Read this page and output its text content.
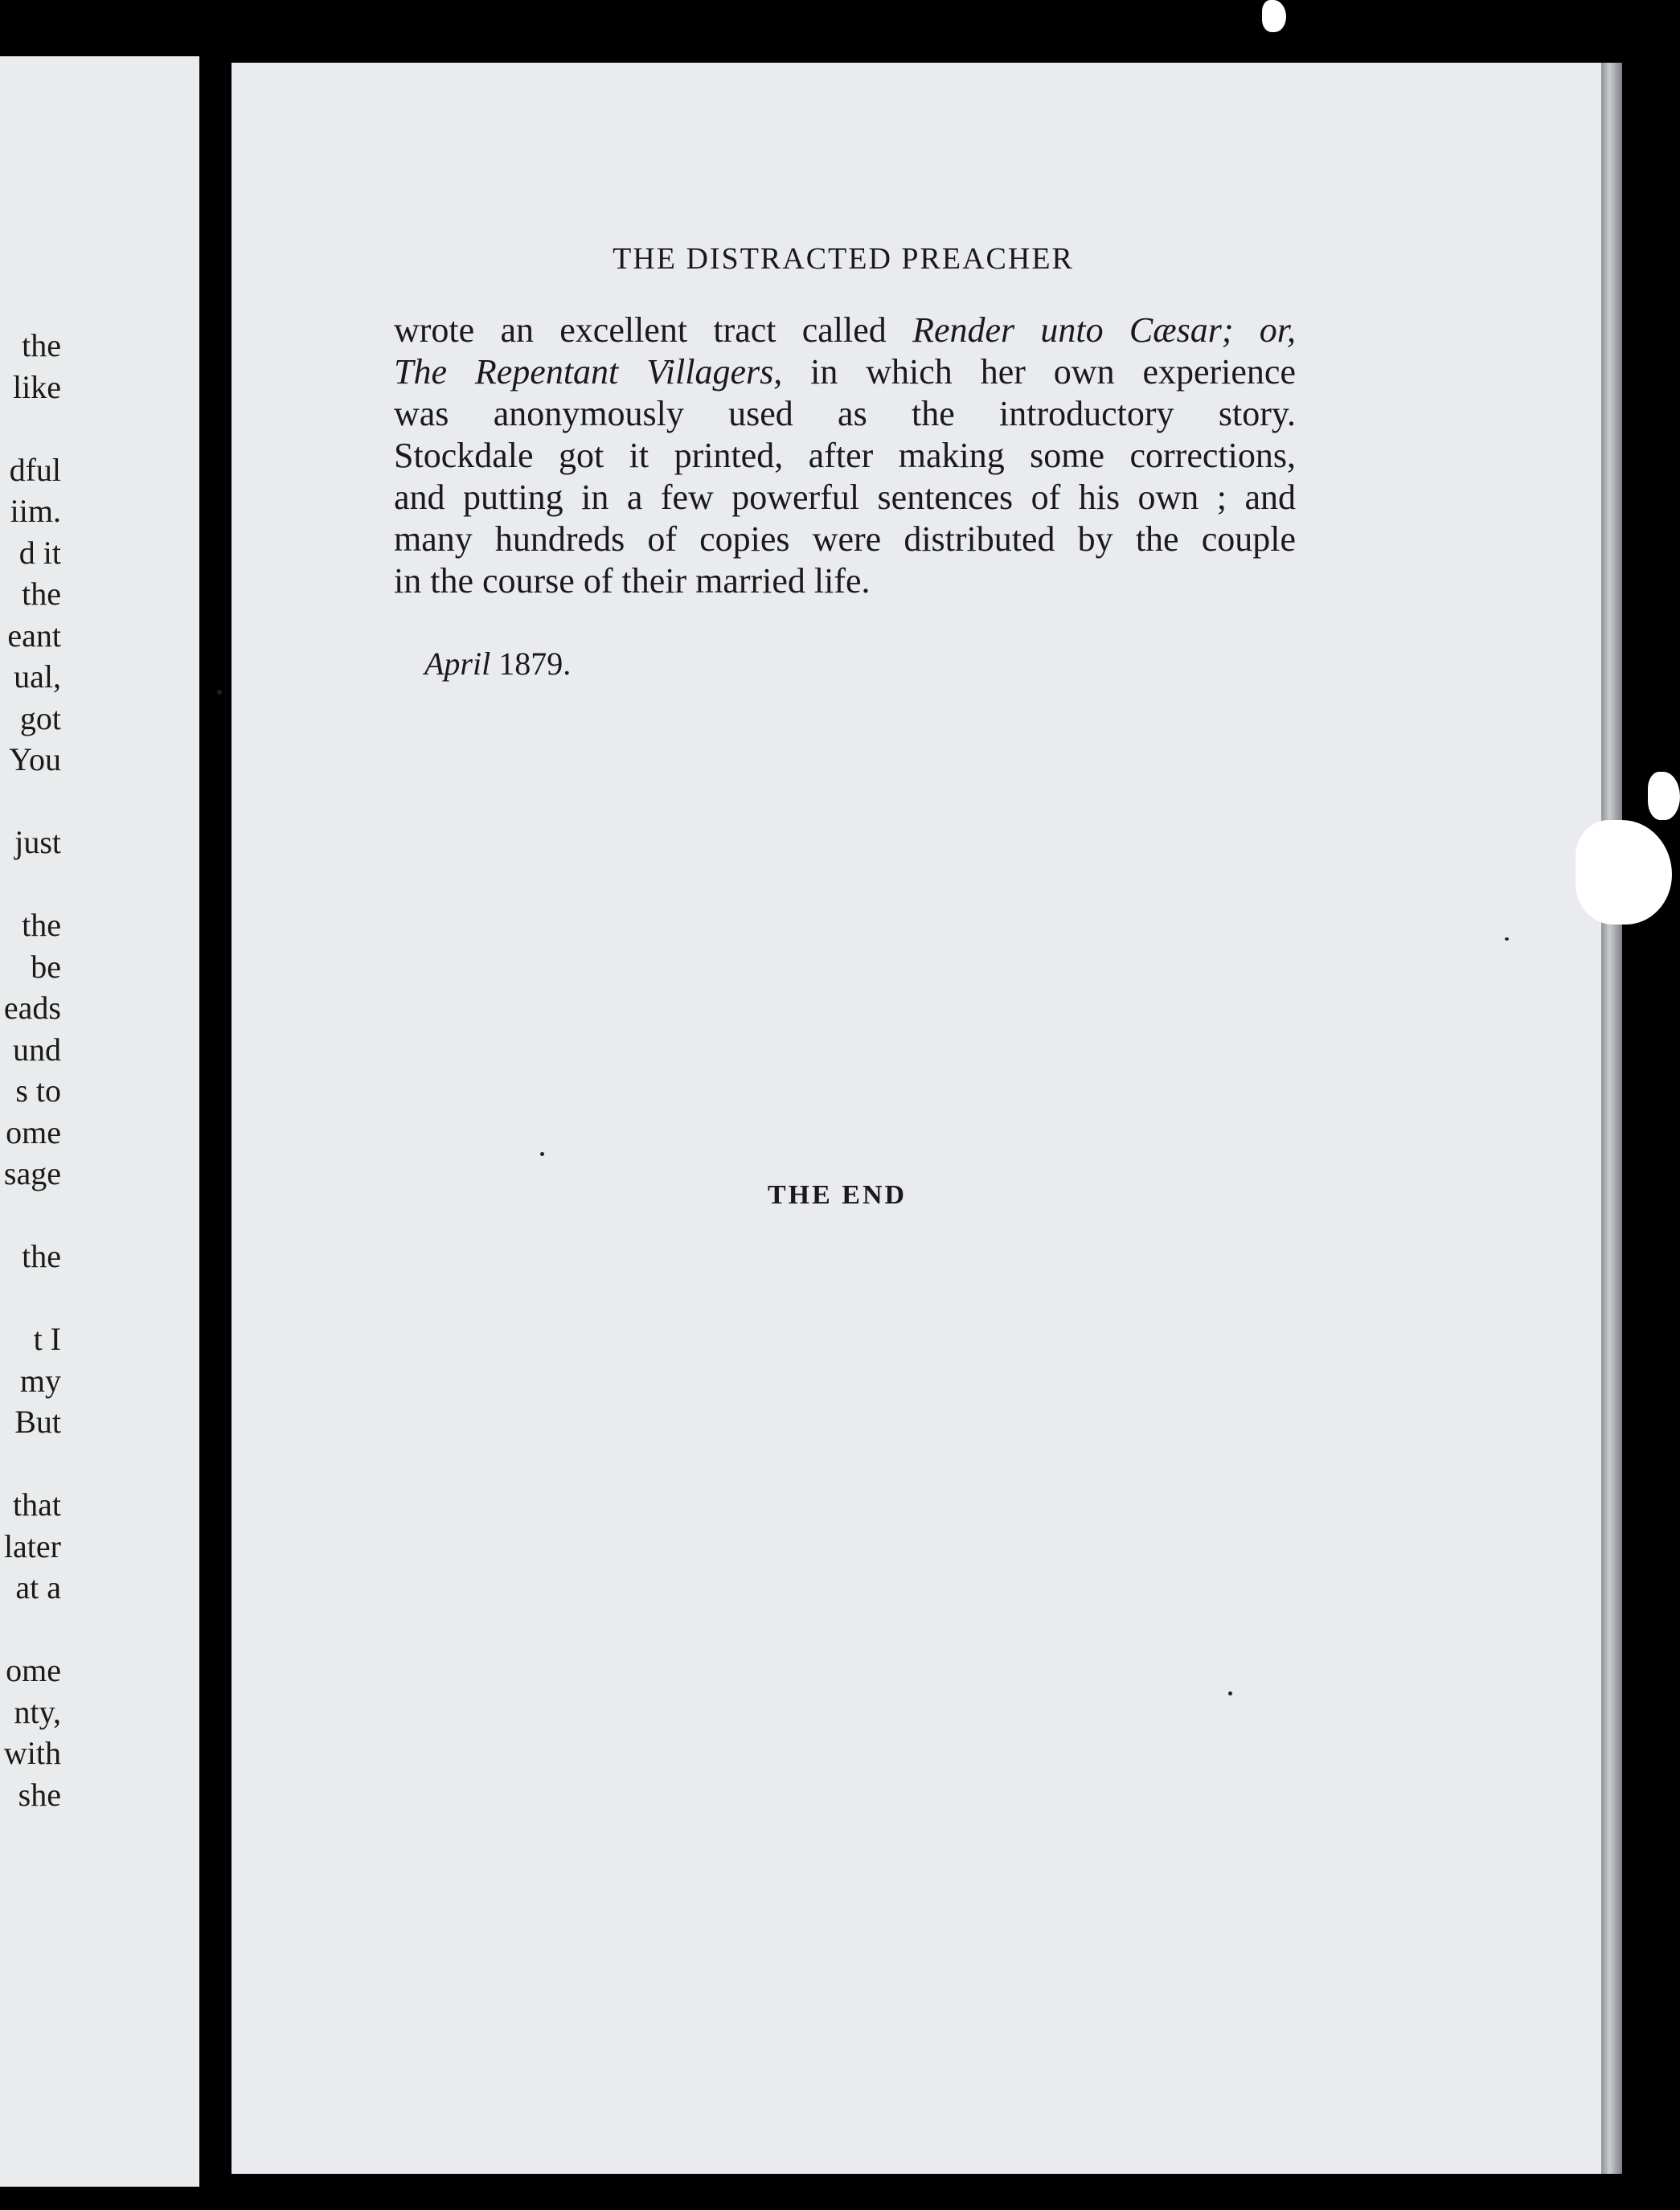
the
like
dful
iim.
d it
the
eant
ual,
got
You
just
the
be
eads
und
s to
ome
sage
the
t I
my
But
that
later
at a
ome
nty,
with
she
THE DISTRACTED PREACHER
wrote an excellent tract called Render unto Cæsar; or,
The Repentant Villagers, in which her own experience
was anonymously used as the introductory story.
Stockdale got it printed, after making some corrections,
and putting in a few powerful sentences of his own ; and
many hundreds of copies were distributed by the couple
in the course of their married life.
April 1879.
THE END
